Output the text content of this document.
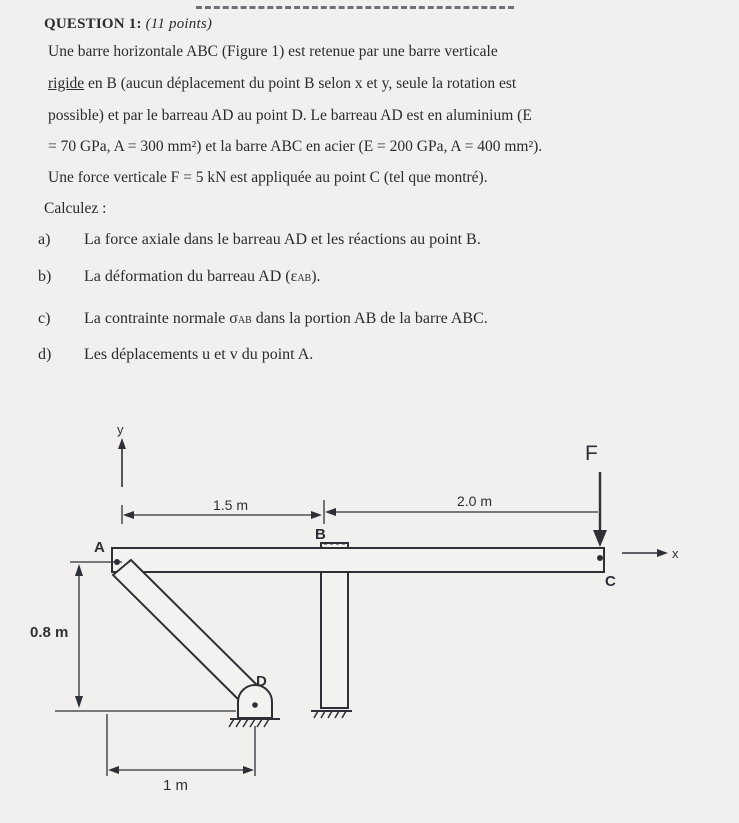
QUESTION 1: (11 points)
Une barre horizontale ABC (Figure 1) est retenue par une barre verticale
rigide en B (aucun déplacement du point B selon x et y, seule la rotation est
possible) et par le barreau AD au point D. Le barreau AD est en aluminium (E
= 70 GPa, A = 300 mm²) et la barre ABC en acier (E = 200 GPa, A = 400 mm²).
Une force verticale F = 5 kN est appliquée au point C (tel que montré).
Calculez :
a) La force axiale dans le barreau AD et les réactions au point B.
b) La déformation du barreau AD (εAB).
c) La contrainte normale σAB dans la portion AB de la barre ABC.
d) Les déplacements u et v du point A.
y
1.5 m	2.0 m
F
B
A
C
x
D
0.8 m
1 m
